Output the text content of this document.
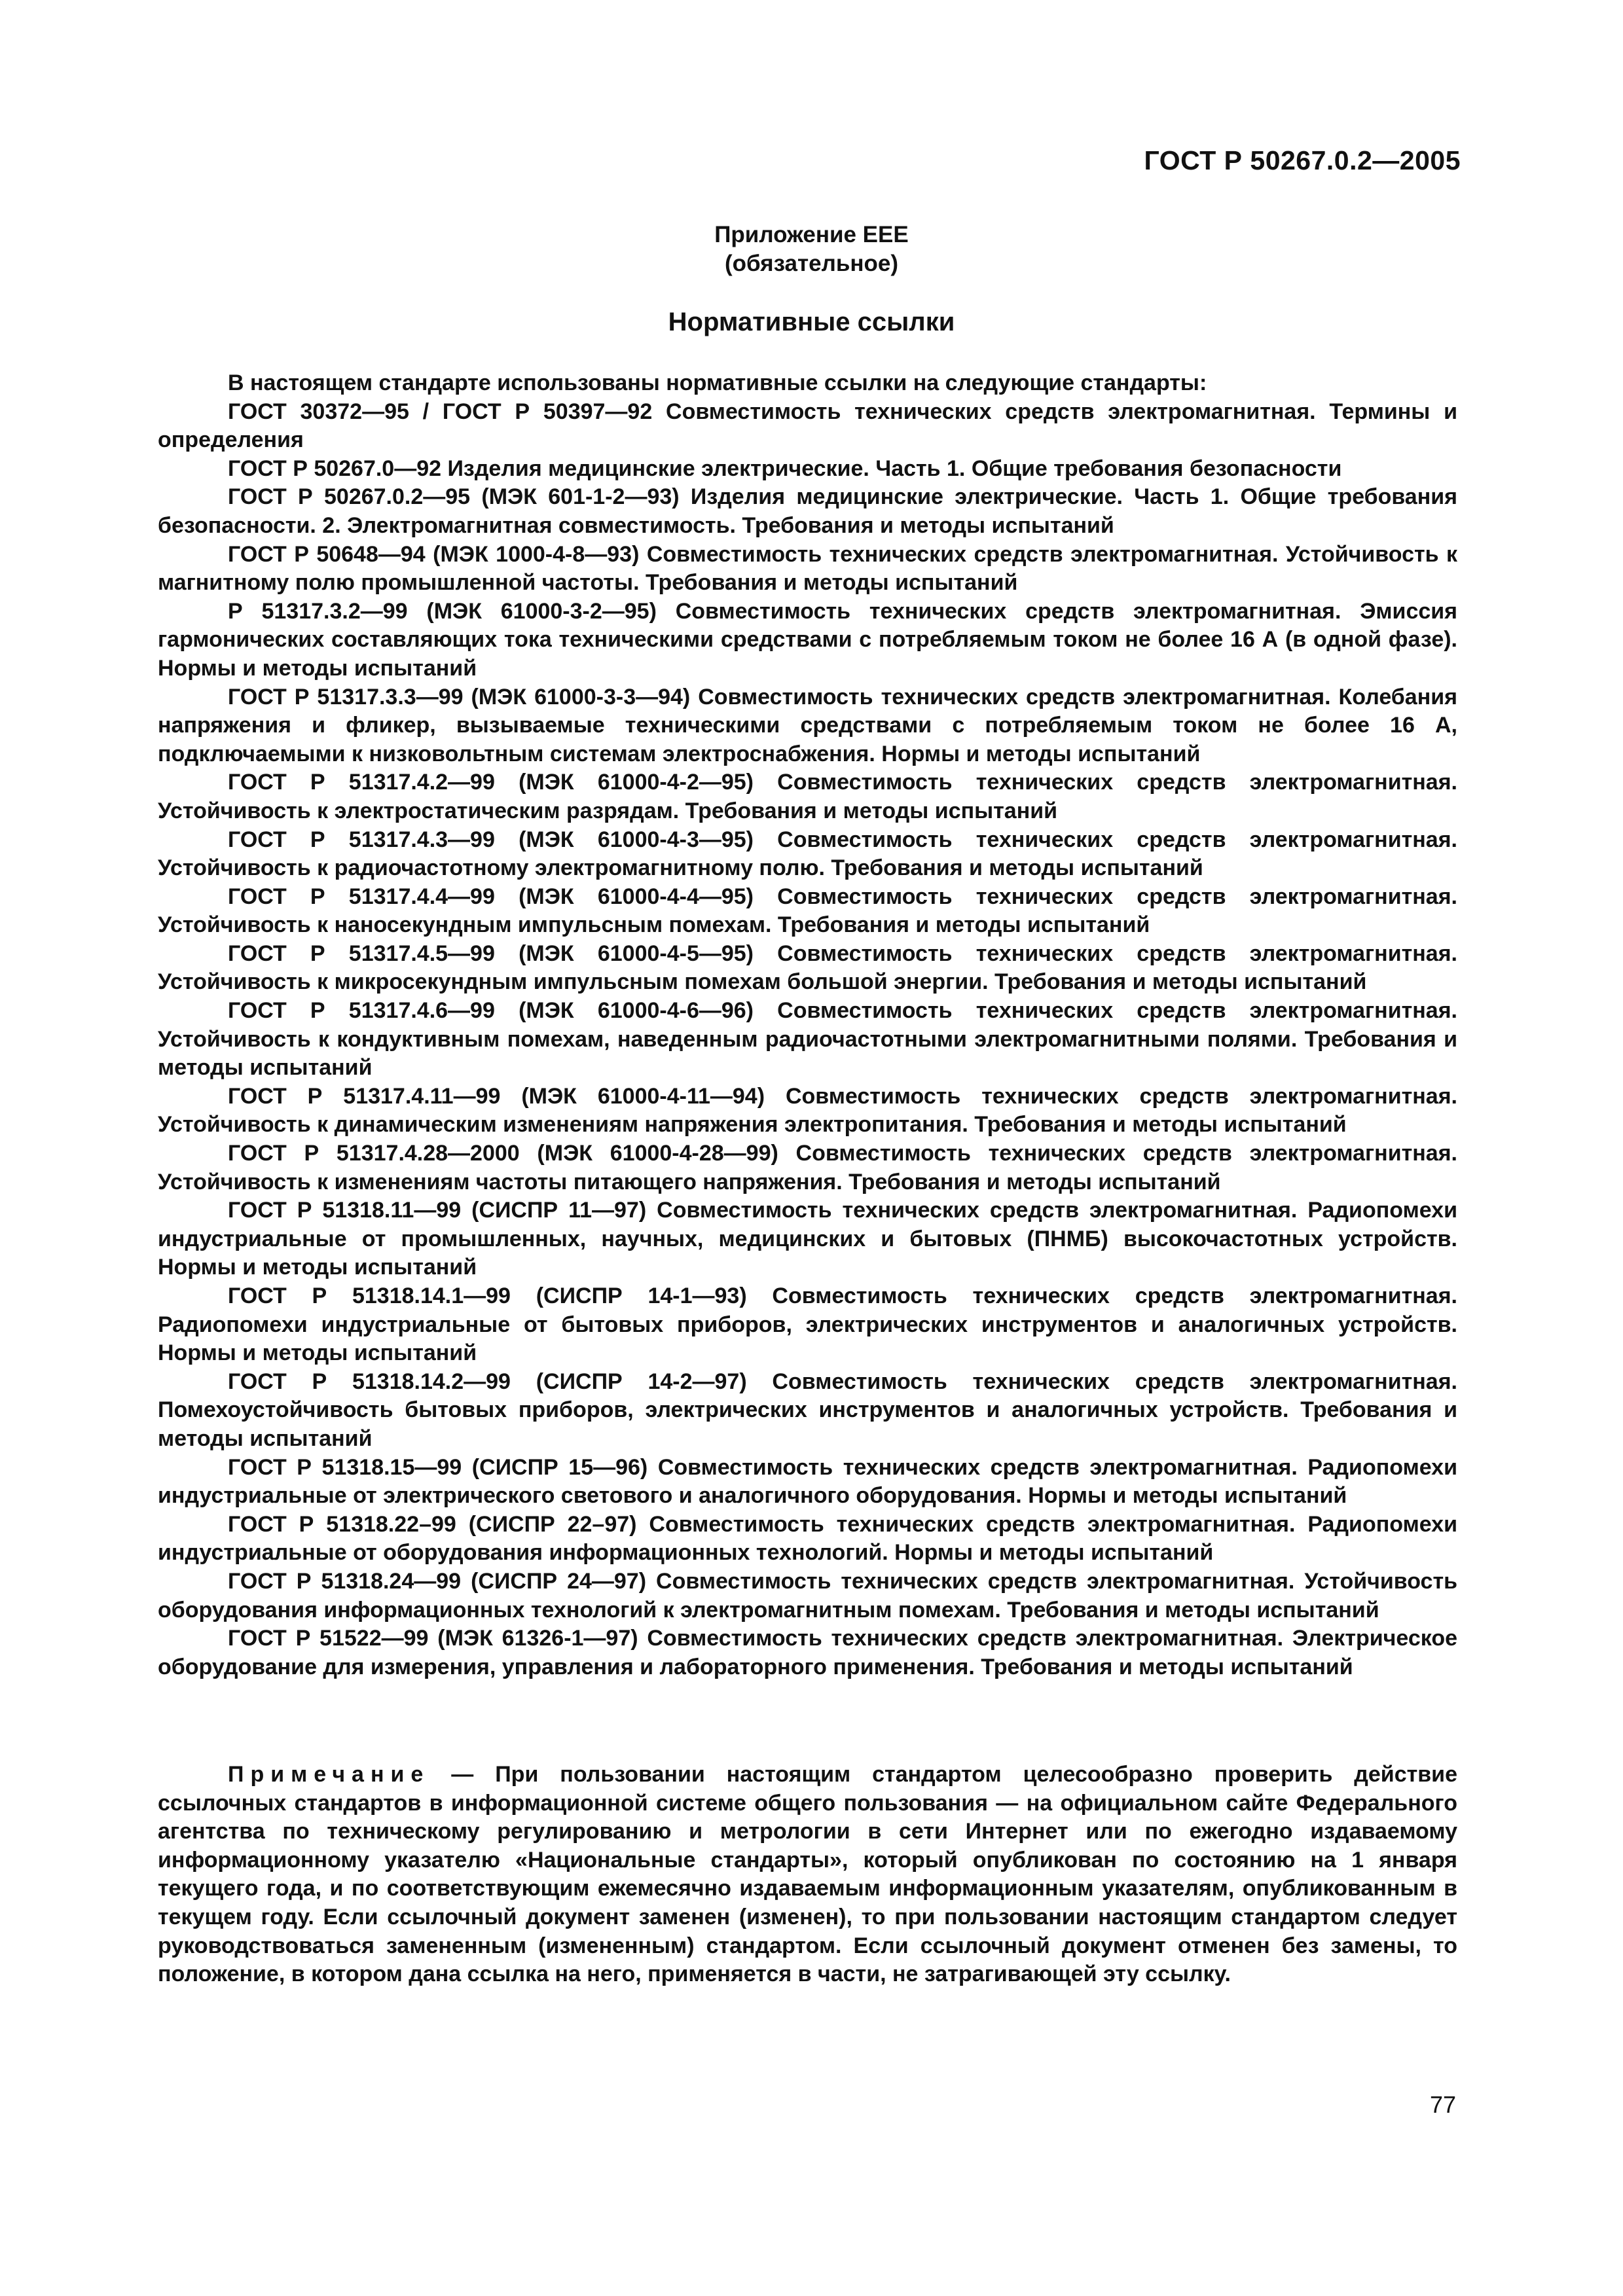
ГОСТ Р 50267.0.2—2005
Приложение EEE
(обязательное)
Нормативные ссылки

В настоящем стандарте использованы нормативные ссылки на следующие стандарты:

ГОСТ 30372—95 / ГОСТ Р 50397—92 Совместимость технических средств электромагнитная. Термины и определения

ГОСТ Р 50267.0—92 Изделия медицинские электрические. Часть 1. Общие требования безопасности

ГОСТ Р 50267.0.2—95 (МЭК 601-1-2—93) Изделия медицинские электрические. Часть 1. Общие требования безопасности. 2. Электромагнитная совместимость. Требования и методы испытаний

ГОСТ Р 50648—94 (МЭК 1000-4-8—93) Совместимость технических средств электромагнитная. Устойчивость к магнитному полю промышленной частоты. Требования и методы испытаний

Р 51317.3.2—99 (МЭК 61000-3-2—95) Совместимость технических средств электромагнитная. Эмиссия гармонических составляющих тока техническими средствами с потребляемым током не более 16 А (в одной фазе). Нормы и методы испытаний

ГОСТ Р 51317.3.3—99 (МЭК 61000-3-3—94) Совместимость технических средств электромагнитная. Колебания напряжения и фликер, вызываемые техническими средствами с потребляемым током не более 16 А, подключаемыми к низковольтным системам электроснабжения. Нормы и методы испытаний

ГОСТ Р 51317.4.2—99 (МЭК 61000-4-2—95) Совместимость технических средств электромагнитная. Устойчивость к электростатическим разрядам. Требования и методы испытаний

ГОСТ Р 51317.4.3—99 (МЭК 61000-4-3—95) Совместимость технических средств электромагнитная. Устойчивость к радиочастотному электромагнитному полю. Требования и методы испытаний

ГОСТ Р 51317.4.4—99 (МЭК 61000-4-4—95) Совместимость технических средств электромагнитная. Устойчивость к наносекундным импульсным помехам. Требования и методы испытаний

ГОСТ Р 51317.4.5—99 (МЭК 61000-4-5—95) Совместимость технических средств электромагнитная. Устойчивость к микросекундным импульсным помехам большой энергии. Требования и методы испытаний

ГОСТ Р 51317.4.6—99 (МЭК 61000-4-6—96) Совместимость технических средств электромагнитная. Устойчивость к кондуктивным помехам, наведенным радиочастотными электромагнитными полями. Требования и методы испытаний

ГОСТ Р 51317.4.11—99 (МЭК 61000-4-11—94) Совместимость технических средств электромагнитная. Устойчивость к динамическим изменениям напряжения электропитания. Требования и методы испытаний

ГОСТ Р 51317.4.28—2000 (МЭК 61000-4-28—99) Совместимость технических средств электромагнитная. Устойчивость к изменениям частоты питающего напряжения. Требования и методы испытаний

ГОСТ Р 51318.11—99 (СИСПР 11—97) Совместимость технических средств электромагнитная. Радиопомехи индустриальные от промышленных, научных, медицинских и бытовых (ПНМБ) высокочастотных устройств. Нормы и методы испытаний

ГОСТ Р 51318.14.1—99 (СИСПР 14-1—93) Совместимость технических средств электромагнитная. Радиопомехи индустриальные от бытовых приборов, электрических инструментов и аналогичных устройств. Нормы и методы испытаний

ГОСТ Р 51318.14.2—99 (СИСПР 14-2—97) Совместимость технических средств электромагнитная. Помехоустойчивость бытовых приборов, электрических инструментов и аналогичных устройств. Требования и методы испытаний

ГОСТ Р 51318.15—99 (СИСПР 15—96) Совместимость технических средств электромагнитная. Радиопомехи индустриальные от электрического светового и аналогичного оборудования. Нормы и методы испытаний

ГОСТ Р 51318.22–99 (СИСПР 22–97) Совместимость технических средств электромагнитная. Радиопомехи индустриальные от оборудования информационных технологий. Нормы и методы испытаний

ГОСТ Р 51318.24—99 (СИСПР 24—97) Совместимость технических средств электромагнитная. Устойчивость оборудования информационных технологий к электромагнитным помехам. Требования и методы испытаний

ГОСТ Р 51522—99 (МЭК 61326-1—97) Совместимость технических средств электромагнитная. Электрическое оборудование для измерения, управления и лабораторного применения. Требования и методы испытаний

Примечание — При пользовании настоящим стандартом целесообразно проверить действие ссылочных стандартов в информационной системе общего пользования — на официальном сайте Федерального агентства по техническому регулированию и метрологии в сети Интернет или по ежегодно издаваемому информационному указателю «Национальные стандарты», который опубликован по состоянию на 1 января текущего года, и по соответствующим ежемесячно издаваемым информационным указателям, опубликованным в текущем году. Если ссылочный документ заменен (изменен), то при пользовании настоящим стандартом следует руководствоваться замененным (измененным) стандартом. Если ссылочный документ отменен без замены, то положение, в котором дана ссылка на него, применяется в части, не затрагивающей эту ссылку.

77
